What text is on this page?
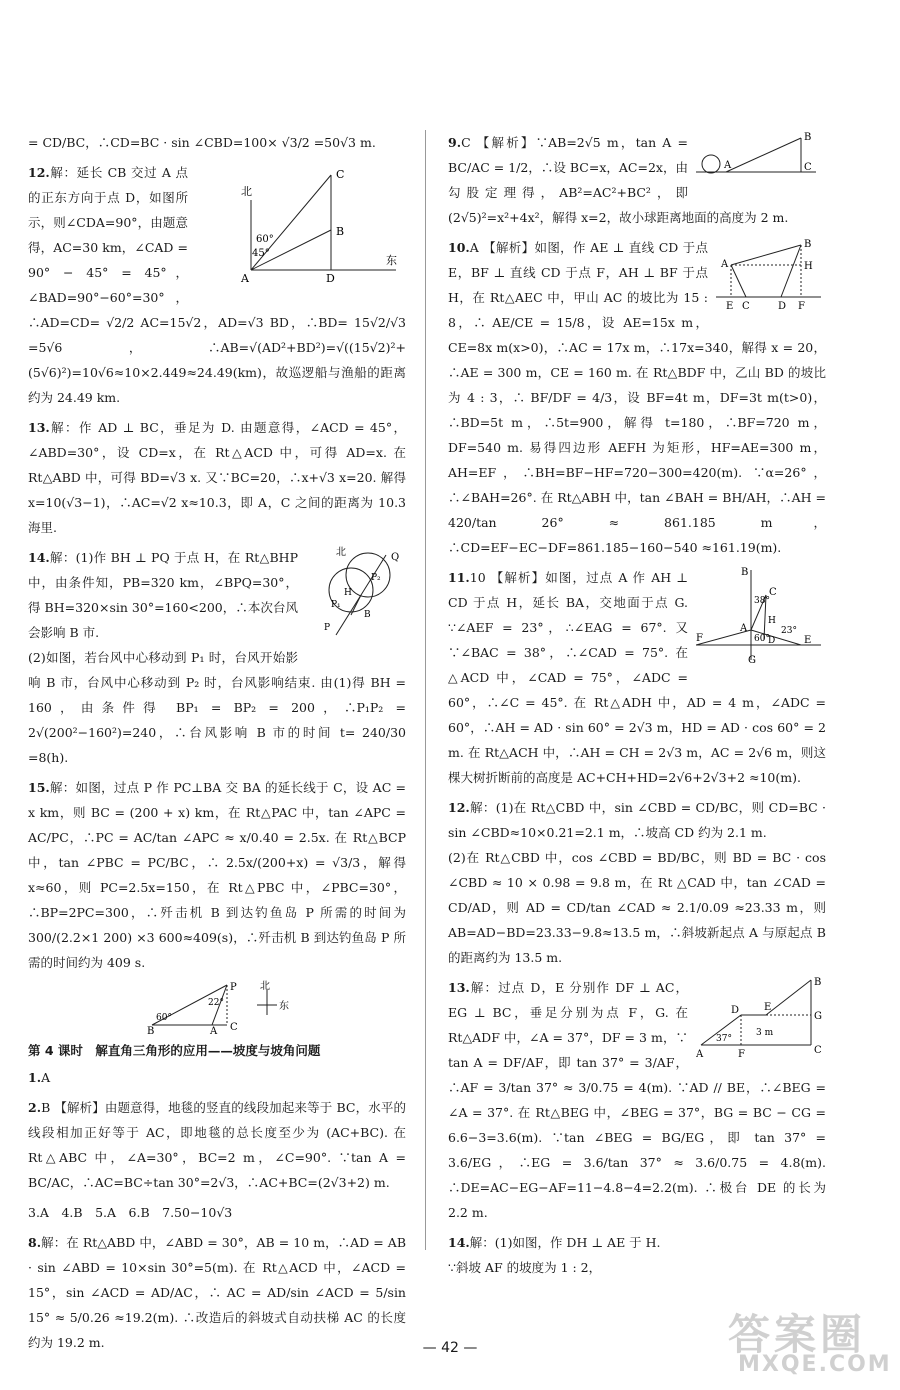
= CD/BC，∴CD=BC · sin ∠CBD=100× √3/2 =50√3 m.

C
B
北
60°
45°
A	D
东
12.解：延长 CB 交过 A 点的正东方向于点 D，如图所示，则∠CDA=90°，由题意得，AC=30 km，∠CAD = 90° − 45° = 45°，∠BAD=90°−60°=30°，∴AD=CD= √2/2 AC=15√2，AD=√3 BD，∴BD= 15√2/√3 =5√6，∴AB=√(AD²+BD²)=√((15√2)²+(5√6)²)=10√6≈10×2.449≈24.49(km)，故巡逻船与渔船的距离约为 24.49 km.

13.解：作 AD ⊥ BC，垂足为 D. 由题意得，∠ACD = 45°，∠ABD=30°，设 CD=x，在 Rt△ACD 中，可得 AD=x. 在 Rt△ABD 中，可得 BD=√3 x. 又∵BC=20，∴x+√3 x=20. 解得 x=10(√3−1)，∴AC=√2 x≈10.3，即 A，C 之间的距离为 10.3 海里.

北	Q
P₂
H
P₁
P
B
14.解：(1)作 BH ⊥ PQ 于点 H，在 Rt△BHP 中，由条件知，PB=320 km，∠BPQ=30°，得 BH=320×sin 30°=160<200，∴本次台风会影响 B 市.
(2)如图，若台风中心移动到 P₁ 时，台风开始影响 B 市，台风中心移动到 P₂ 时，台风影响结束. 由(1)得 BH = 160，由条件得 BP₁ = BP₂ = 200，∴P₁P₂ = 2√(200²−160²)=240，∴台风影响 B 市的时间 t= 240/30 =8(h).

15.解：如图，过点 P 作 PC⊥BA 交 BA 的延长线于 C，设 AC = x km，则 BC = (200 + x) km，在 Rt△PAC 中，tan ∠APC = AC/PC，∴PC = AC/tan ∠APC ≈ x/0.40 = 2.5x. 在 Rt△BCP 中，tan ∠PBC = PC/BC，∴ 2.5x/(200+x) = √3/3，解得 x≈60，则 PC=2.5x=150，在 Rt△PBC 中，∠PBC=30°，∴BP=2PC=300，∴歼击机 B 到达钓鱼岛 P 所需的时间为 300/(2.2×1 200) ×3 600≈409(s)，∴歼击机 B 到达钓鱼岛 P 所需的时间约为 409 s.

P
22°
北
东
60°
B	A C
第 4 课时　解直角三角形的应用——坡度与坡角问题

1.A

2.B 【解析】由题意得，地毯的竖直的线段加起来等于 BC，水平的线段相加正好等于 AC，即地毯的总长度至少为 (AC+BC). 在 Rt△ABC 中，∠A=30°，BC=2 m，∠C=90°. ∵tan A = BC/AC，∴AC=BC÷tan 30°=2√3，∴AC+BC=(2√3+2) m.

3.A　4.B　5.A　6.B　7.50−10√3

8.解：在 Rt△ABD 中，∠ABD = 30°，AB = 10 m，∴AD = AB · sin ∠ABD = 10×sin 30°=5(m). 在 Rt△ACD 中，∠ACD = 15°，sin ∠ACD = AD/AC，∴ AC = AD/sin ∠ACD = 5/sin 15° ≈ 5/0.26 ≈19.2(m). ∴改造后的斜坡式自动扶梯 AC 的长度约为 19.2 m.

B
A	C
9.C 【解析】∵AB=2√5 m，tan A = BC/AC = 1/2，∴设 BC=x，AC=2x，由勾股定理得，AB²=AC²+BC²，即 (2√5)²=x²+4x²，解得 x=2，故小球距离地面的高度为 2 m.
B
A	H
E C	D F
10.A 【解析】如图，作 AE ⊥ 直线 CD 于点 E，BF ⊥ 直线 CD 于点 F，AH ⊥ BF 于点 H，在 Rt△AEC 中，甲山 AC 的坡比为 15 : 8，∴ AE/CE = 15/8，设 AE=15x m，CE=8x m(x>0)，∴AC = 17x m，∴17x=340，解得 x = 20，∴AE = 300 m，CE = 160 m. 在 Rt△BDF 中，乙山 BD 的坡比为 4 : 3，∴ BF/DF = 4/3，设 BF=4t m，DF=3t m(t>0)，∴BD=5t m，∴5t=900，解得 t=180，∴BF=720 m，DF=540 m. 易得四边形 AEFH 为矩形，HF=AE=300 m，AH=EF，∴BH=BF−HF=720−300=420(m). ∵α=26°，∴∠BAH=26°. 在 Rt△ABH 中，tan ∠BAH = BH/AH，∴AH = 420/tan 26° ≈ 861.185 m，∴CD=EF−EC−DF=861.185−160−540 ≈161.19(m).
B
38°
C
H
A	23°
F	60°
D	E
G
11.10 【解析】如图，过点 A 作 AH ⊥ CD 于点 H，延长 BA，交地面于点 G. ∵∠AEF = 23°，∴∠EAG = 67°. 又∵∠BAC = 38°，∴∠CAD = 75°. 在 △ACD 中，∠CAD = 75°，∠ADC = 60°，∴∠C = 45°. 在 Rt△ADH 中，AD = 4 m，∠ADC = 60°，∴AH = AD · sin 60° = 2√3 m，HD = AD · cos 60° = 2 m. 在 Rt△ACH 中，∴AH = CH = 2√3 m，AC = 2√6 m，则这棵大树折断前的高度是 AC+CH+HD=2√6+2√3+2 ≈10(m).
12.解：(1)在 Rt△CBD 中，sin ∠CBD = CD/BC，则 CD=BC · sin ∠CBD≈10×0.21=2.1 m，∴坡高 CD 约为 2.1 m.
(2)在 Rt△CBD 中，cos ∠CBD = BD/BC，则 BD = BC · cos ∠CBD ≈ 10 × 0.98 = 9.8 m，在 Rt △CAD 中，tan ∠CAD = CD/AD，则 AD = CD/tan ∠CAD ≈ 2.1/0.09 ≈23.33 m，则 AB=AD−BD=23.33−9.8≈13.5 m，∴斜坡新起点 A 与原起点 B 的距离约为 13.5 m.
B
D E
G
3 m
37°
A	F	C
13.解：过点 D，E 分别作 DF ⊥ AC，EG ⊥ BC，垂足分别为点 F，G. 在 Rt△ADF 中，∠A = 37°，DF = 3 m，∵ tan A = DF/AF，即 tan 37° = 3/AF，∴AF = 3/tan 37° ≈ 3/0.75 = 4(m). ∵AD // BE，∴∠BEG = ∠A = 37°. 在 Rt△BEG 中，∠BEG = 37°，BG = BC − CG = 6.6−3=3.6(m). ∵tan ∠BEG = BG/EG，即 tan 37° = 3.6/EG，∴EG = 3.6/tan 37° ≈ 3.6/0.75 = 4.8(m). ∴DE=AC−EG−AF=11−4.8−4=2.2(m). ∴极台 DE 的长为 2.2 m.

14.解：(1)如图，作 DH ⊥ AE 于 H.
∵斜坡 AF 的坡度为 1 : 2，

— 42 —	答案圈
MXQE.COM
